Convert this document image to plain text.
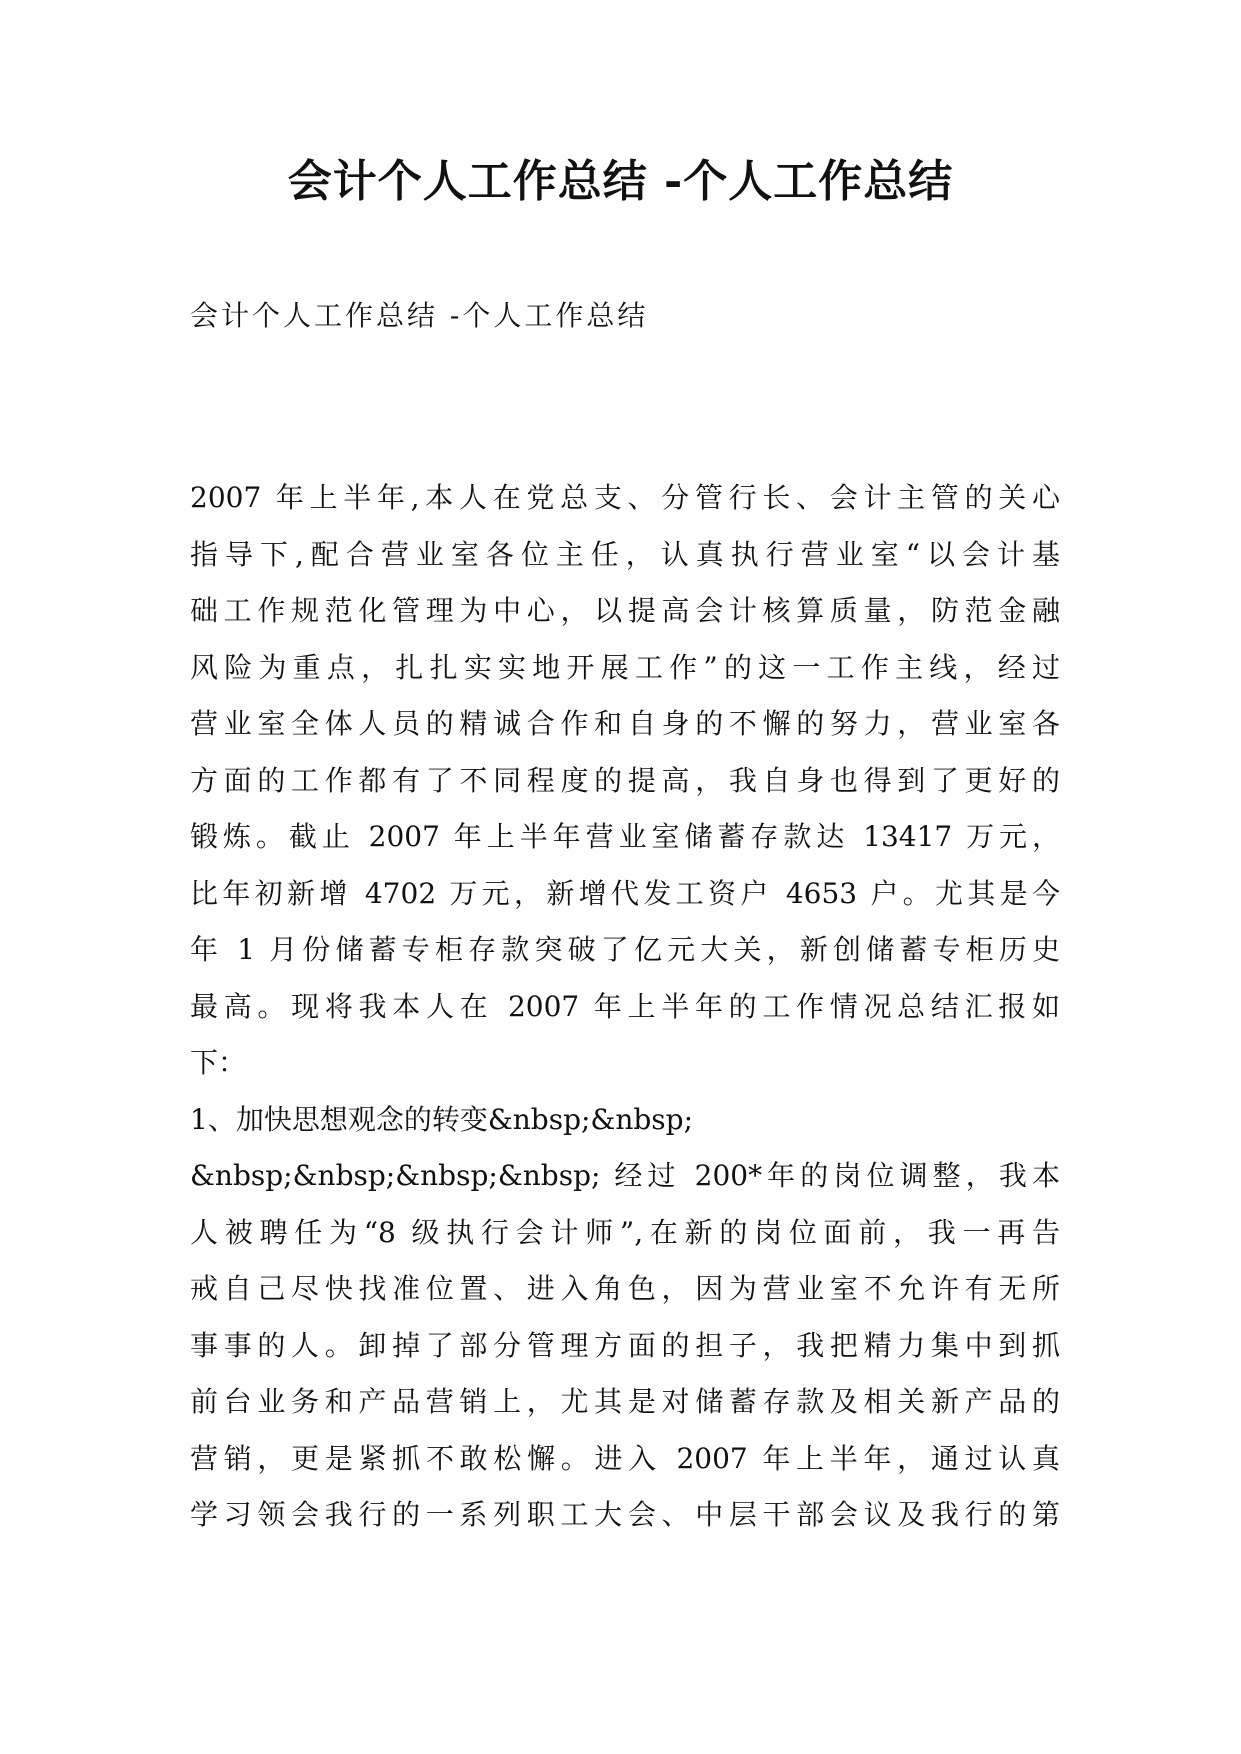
会计个人工作总结 -个人工作总结
会计个人工作总结 -个人工作总结
2007 年上半年,本人在党总支、分管行长、会计主管的关心
指导下,配合营业室各位主任，认真执行营业室“以会计基
础工作规范化管理为中心，以提高会计核算质量，防范金融
风险为重点，扎扎实实地开展工作”的这一工作主线，经过
营业室全体人员的精诚合作和自身的不懈的努力，营业室各
方面的工作都有了不同程度的提高，我自身也得到了更好的
锻炼。截止 2007 年上半年营业室储蓄存款达 13417 万元，
比年初新增 4702 万元，新增代发工资户 4653 户。尤其是今
年 1 月份储蓄专柜存款突破了亿元大关，新创储蓄专柜历史
最高。现将我本人在 2007 年上半年的工作情况总结汇报如
下：
1、加快思想观念的转变&nbsp;&nbsp;
&nbsp;&nbsp;&nbsp;&nbsp; 经过 200*年的岗位调整，我本
人被聘任为“8 级执行会计师”,在新的岗位面前，我一再告
戒自己尽快找准位置、进入角色，因为营业室不允许有无所
事事的人。卸掉了部分管理方面的担子，我把精力集中到抓
前台业务和产品营销上，尤其是对储蓄存款及相关新产品的
营销，更是紧抓不敢松懈。进入 2007 年上半年，通过认真
学习领会我行的一系列职工大会、中层干部会议及我行的第
